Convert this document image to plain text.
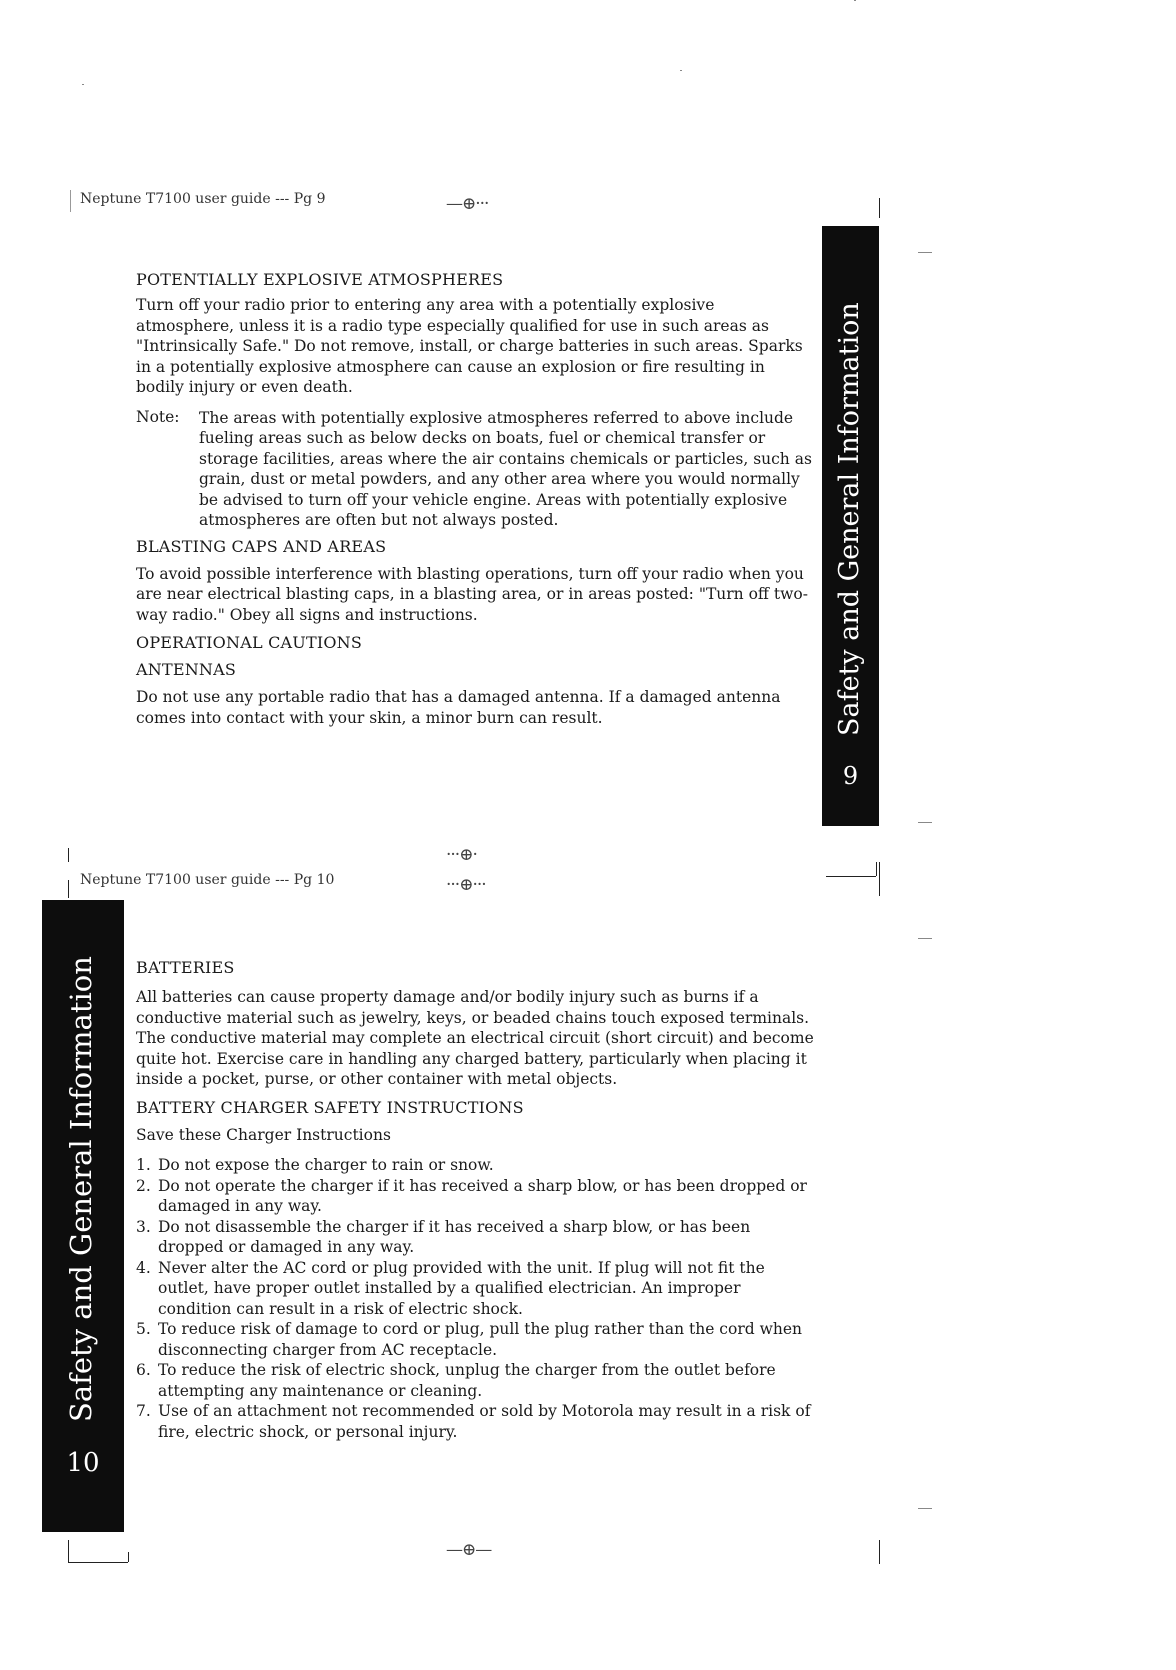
Neptune T7100 user guide --- Pg 9	—⊕···
POTENTIALLY EXPLOSIVE ATMOSPHERES
Turn off your radio prior to entering any area with a potentially explosive atmosphere, unless it is a radio type especially qualified for use in such areas as "Intrinsically Safe." Do not remove, install, or charge batteries in such areas. Sparks in a potentially explosive atmosphere can cause an explosion or fire resulting in bodily injury or even death.
Note: The areas with potentially explosive atmospheres referred to above include fueling areas such as below decks on boats, fuel or chemical transfer or storage facilities, areas where the air contains chemicals or particles, such as grain, dust or metal powders, and any other area where you would normally be advised to turn off your vehicle engine. Areas with potentially explosive atmospheres are often but not always posted.
BLASTING CAPS AND AREAS
To avoid possible interference with blasting operations, turn off your radio when you are near electrical blasting caps, in a blasting area, or in areas posted: "Turn off two-way radio." Obey all signs and instructions.
OPERATIONAL CAUTIONS
ANTENNAS
Do not use any portable radio that has a damaged antenna. If a damaged antenna comes into contact with your skin, a minor burn can result.	Safety and General Information
9
···⊕·
Neptune T7100 user guide --- Pg 10	···⊕···
Safety and General Information
10
BATTERIES
All batteries can cause property damage and/or bodily injury such as burns if a conductive material such as jewelry, keys, or beaded chains touch exposed terminals. The conductive material may complete an electrical circuit (short circuit) and become quite hot. Exercise care in handling any charged battery, particularly when placing it inside a pocket, purse, or other container with metal objects.
BATTERY CHARGER SAFETY INSTRUCTIONS
Save these Charger Instructions
1. Do not expose the charger to rain or snow.
2. Do not operate the charger if it has received a sharp blow, or has been dropped or damaged in any way.
3. Do not disassemble the charger if it has received a sharp blow, or has been dropped or damaged in any way.
4. Never alter the AC cord or plug provided with the unit. If plug will not fit the outlet, have proper outlet installed by a qualified electrician. An improper condition can result in a risk of electric shock.
5. To reduce risk of damage to cord or plug, pull the plug rather than the cord when disconnecting charger from AC receptacle.
6. To reduce the risk of electric shock, unplug the charger from the outlet before attempting any maintenance or cleaning.
7. Use of an attachment not recommended or sold by Motorola may result in a risk of fire, electric shock, or personal injury.
—⊕—
